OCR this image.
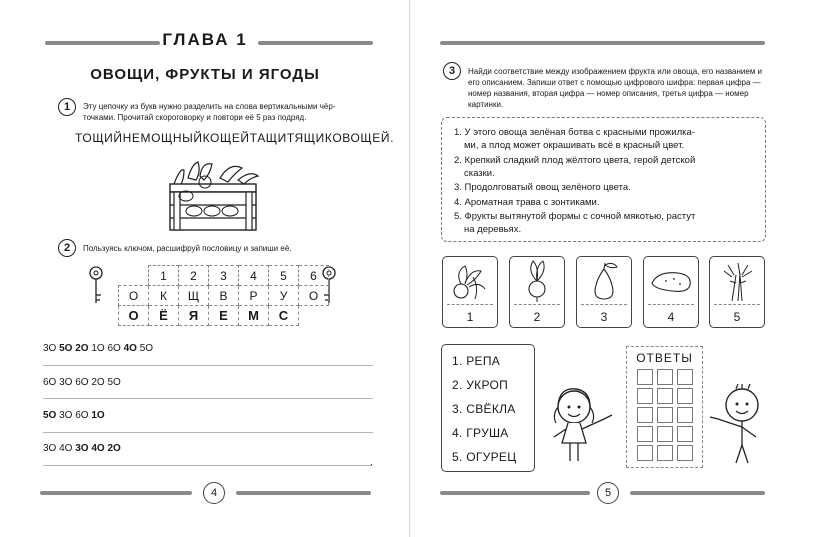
ГЛАВА 1
ОВОЩИ, ФРУКТЫ И ЯГОДЫ
1	Эту цепочку из букв нужно разделить на слова вертикальными чёр-
точками. Прочитай скороговорку и повтори её 5 раз подряд.
ТОЩИЙНЕМОЩНЫЙКОЩЕЙТАЩИТЯЩИКОВОЩЕЙ.
2	Пользуясь ключом, расшифруй пословицу и запиши её.
	1	2	3	4	5	6
О	К	Щ	В	Р	У	О
О	Ё	Я	Е	М	С	
3О 5О 2О 1О 6О 4О 5О
6О 3О 6О 2О 5О
5О 3О 6О 1О
3О 4О 3О 4О 2О
.
4
3	Найди соответствие между изображением фрукта или овоща, его названием и его описанием. Запиши ответ с помощью цифрового шифра: первая цифра — номер названия, вторая цифра — номер описания, третья цифра — номер картинки.
1. У этого овоща зелёная ботва с красными прожилка-
ми, а плод может окрашивать всё в красный цвет.
2. Крепкий сладкий плод жёлтого цвета, герой детской
сказки.
3. Продолговатый овощ зелёного цвета.
4. Ароматная трава с зонтиками.
5. Фрукты вытянутой формы с сочной мякотью, растут
на деревьях.
1	2	3	4	5
1. РЕПА
2. УКРОП
3. СВЁКЛА
4. ГРУША
5. ОГУРЕЦ
ОТВЕТЫ
5
